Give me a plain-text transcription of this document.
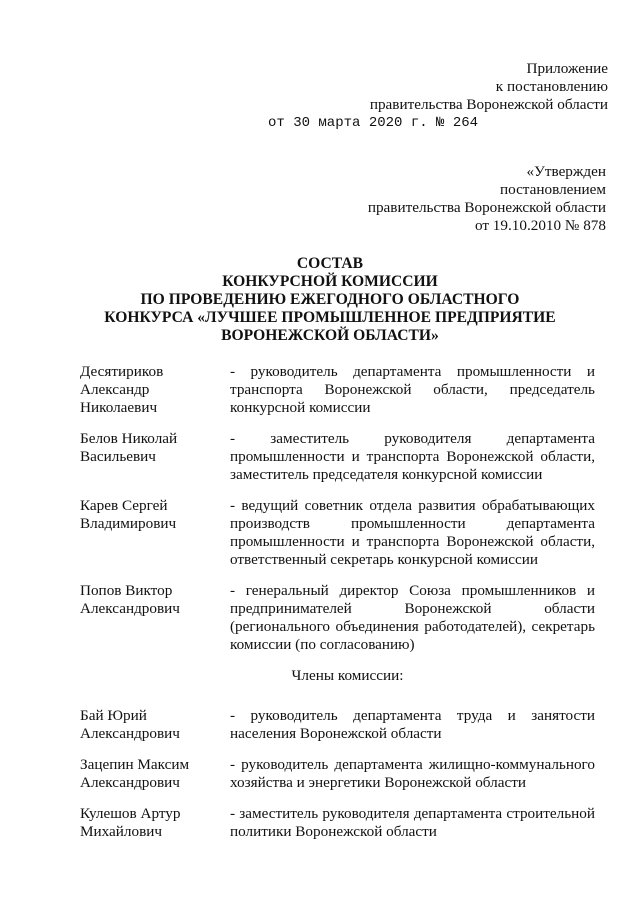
Приложение
к постановлению
правительства Воронежской области
от 30 марта 2020 г. № 264
«Утвержден
постановлением
правительства Воронежской области
от 19.10.2010 № 878
СОСТАВ
КОНКУРСНОЙ КОМИССИИ
ПО ПРОВЕДЕНИЮ ЕЖЕГОДНОГО ОБЛАСТНОГО
КОНКУРСА «ЛУЧШЕЕ ПРОМЫШЛЕННОЕ ПРЕДПРИЯТИЕ
ВОРОНЕЖСКОЙ ОБЛАСТИ»
Десятириков
Александр
Николаевич
- руководитель департамента промышленности и транспорта Воронежской области, председатель конкурсной комиссии
Белов Николай
Васильевич
- заместитель руководителя департамента промышленности и транспорта Воронежской области, заместитель председателя конкурсной комиссии
Карев Сергей
Владимирович
- ведущий советник отдела развития обрабатывающих производств промышленности департамента промышленности и транспорта Воронежской области, ответственный секретарь конкурсной комиссии
Попов Виктор
Александрович
- генеральный директор Союза промышленников и предпринимателей Воронежской области (регионального объединения работодателей), секретарь комиссии (по согласованию)
Члены комиссии:
Бай Юрий
Александрович
- руководитель департамента труда и занятости населения Воронежской области
Зацепин Максим
Александрович
- руководитель департамента жилищно-коммунального хозяйства и энергетики Воронежской области
Кулешов Артур
Михайлович
- заместитель руководителя департамента строительной политики Воронежской области
